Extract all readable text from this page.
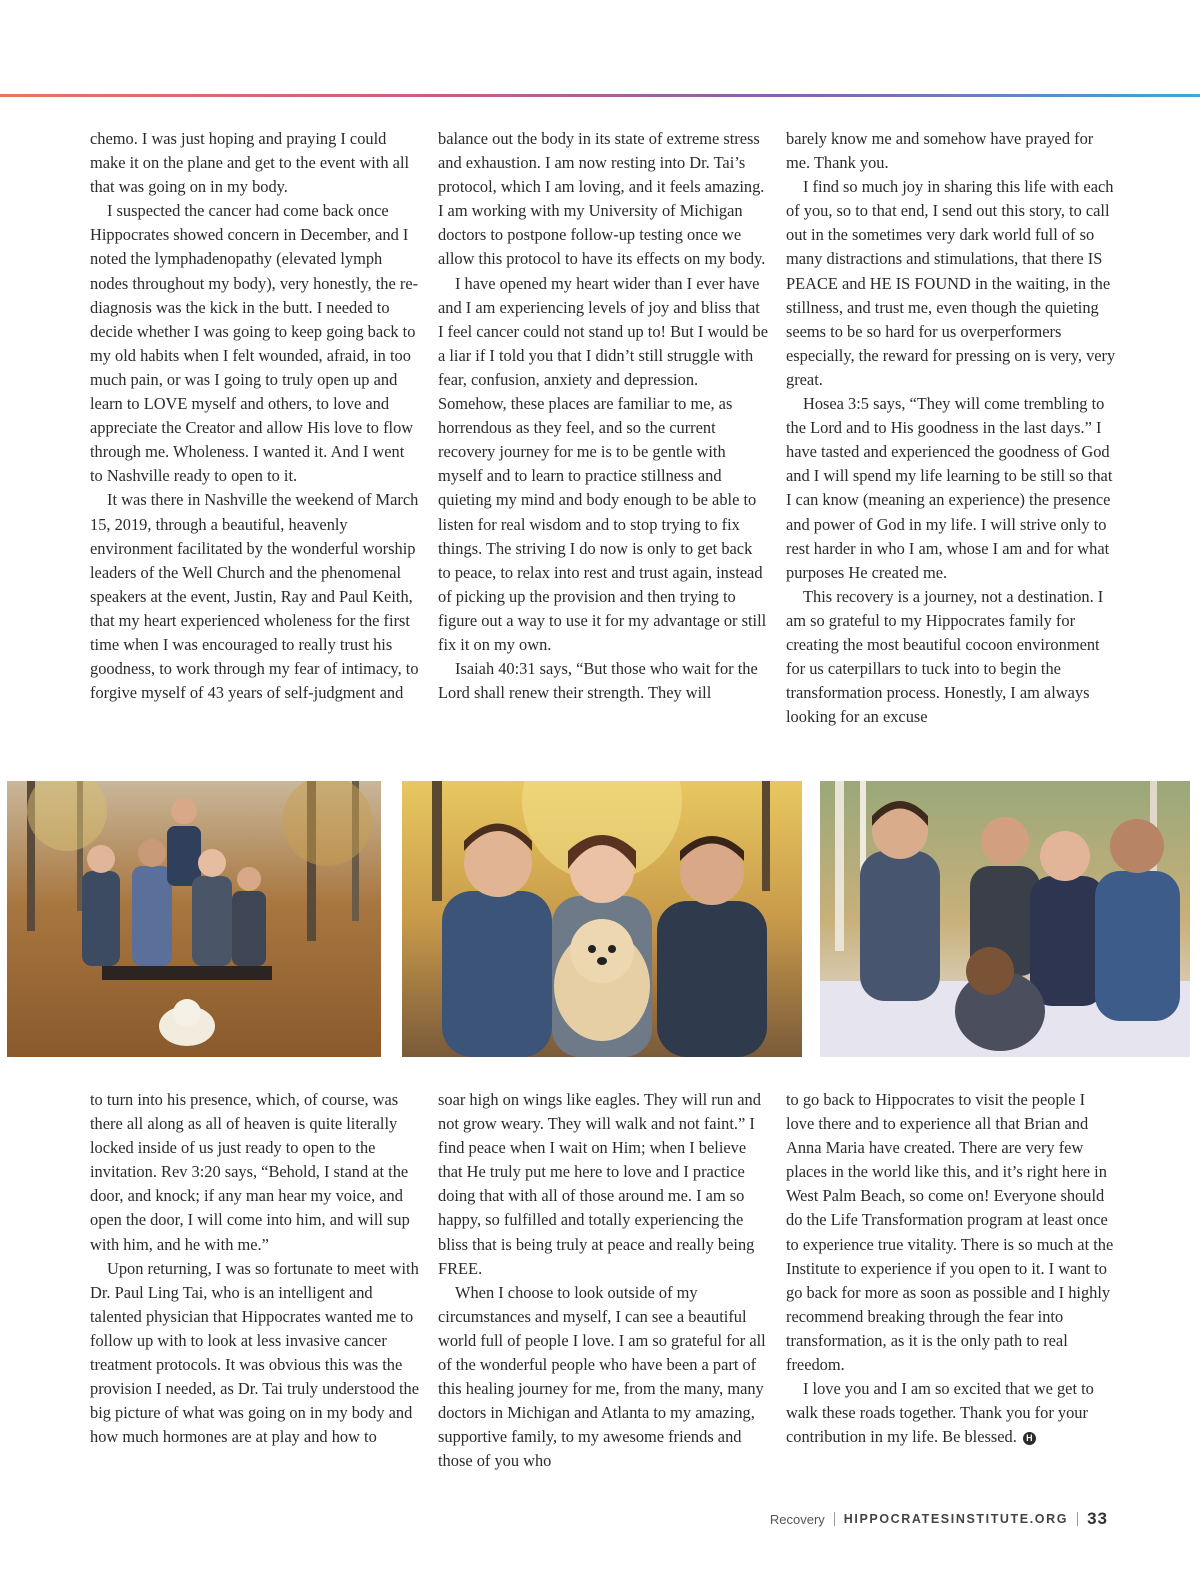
chemo. I was just hoping and praying I could make it on the plane and get to the event with all that was going on in my body.

I suspected the cancer had come back once Hippocrates showed concern in December, and I noted the lymphadenopathy (elevated lymph nodes throughout my body), very honestly, the re-diagnosis was the kick in the butt. I needed to decide whether I was going to keep going back to my old habits when I felt wounded, afraid, in too much pain, or was I going to truly open up and learn to LOVE myself and others, to love and appreciate the Creator and allow His love to flow through me. Wholeness. I wanted it. And I went to Nashville ready to open to it.

It was there in Nashville the weekend of March 15, 2019, through a beautiful, heavenly environment facilitated by the wonderful worship leaders of the Well Church and the phenomenal speakers at the event, Justin, Ray and Paul Keith, that my heart experienced wholeness for the first time when I was encouraged to really trust his goodness, to work through my fear of intimacy, to forgive myself of 43 years of self-judgment and

balance out the body in its state of extreme stress and exhaustion. I am now resting into Dr. Tai’s protocol, which I am loving, and it feels amazing. I am working with my University of Michigan doctors to postpone follow-up testing once we allow this protocol to have its effects on my body.

I have opened my heart wider than I ever have and I am experiencing levels of joy and bliss that I feel cancer could not stand up to! But I would be a liar if I told you that I didn’t still struggle with fear, confusion, anxiety and depression. Somehow, these places are familiar to me, as horrendous as they feel, and so the current recovery journey for me is to be gentle with myself and to learn to practice stillness and quieting my mind and body enough to be able to listen for real wisdom and to stop trying to fix things. The striving I do now is only to get back to peace, to relax into rest and trust again, instead of picking up the provision and then trying to figure out a way to use it for my advantage or still fix it on my own.

Isaiah 40:31 says, “But those who wait for the Lord shall renew their strength. They will

barely know me and somehow have prayed for me. Thank you.

I find so much joy in sharing this life with each of you, so to that end, I send out this story, to call out in the sometimes very dark world full of so many distractions and stimulations, that there IS PEACE and HE IS FOUND in the waiting, in the stillness, and trust me, even though the quieting seems to be so hard for us overperformers especially, the reward for pressing on is very, very great.

Hosea 3:5 says, “They will come trembling to the Lord and to His goodness in the last days.” I have tasted and experienced the goodness of God and I will spend my life learning to be still so that I can know (meaning an experience) the presence and power of God in my life. I will strive only to rest harder in who I am, whose I am and for what purposes He created me.

This recovery is a journey, not a destination. I am so grateful to my Hippocrates family for creating the most beautiful cocoon environment for us caterpillars to tuck into to begin the transformation process. Honestly, I am always looking for an excuse

to turn into his presence, which, of course, was there all along as all of heaven is quite literally locked inside of us just ready to open to the invitation. Rev 3:20 says, “Behold, I stand at the door, and knock; if any man hear my voice, and open the door, I will come into him, and will sup with him, and he with me.”

Upon returning, I was so fortunate to meet with Dr. Paul Ling Tai, who is an intelligent and talented physician that Hippocrates wanted me to follow up with to look at less invasive cancer treatment protocols. It was obvious this was the provision I needed, as Dr. Tai truly understood the big picture of what was going on in my body and how much hormones are at play and how to

soar high on wings like eagles. They will run and not grow weary. They will walk and not faint.” I find peace when I wait on Him; when I believe that He truly put me here to love and I practice doing that with all of those around me. I am so happy, so fulfilled and totally experiencing the bliss that is being truly at peace and really being FREE.

When I choose to look outside of my circumstances and myself, I can see a beautiful world full of people I love. I am so grateful for all of the wonderful people who have been a part of this healing journey for me, from the many, many doctors in Michigan and Atlanta to my amazing, supportive family, to my awesome friends and those of you who

to go back to Hippocrates to visit the people I love there and to experience all that Brian and Anna Maria have created. There are very few places in the world like this, and it’s right here in West Palm Beach, so come on! Everyone should do the Life Transformation program at least once to experience true vitality. There is so much at the Institute to experience if you open to it. I want to go back for more as soon as possible and I highly recommend breaking through the fear into transformation, as it is the only path to real freedom.

I love you and I am so excited that we get to walk these roads together. Thank you for your contribution in my life. Be blessed. H

Recovery HIPPOCRATESINSTITUTE.ORG 33
